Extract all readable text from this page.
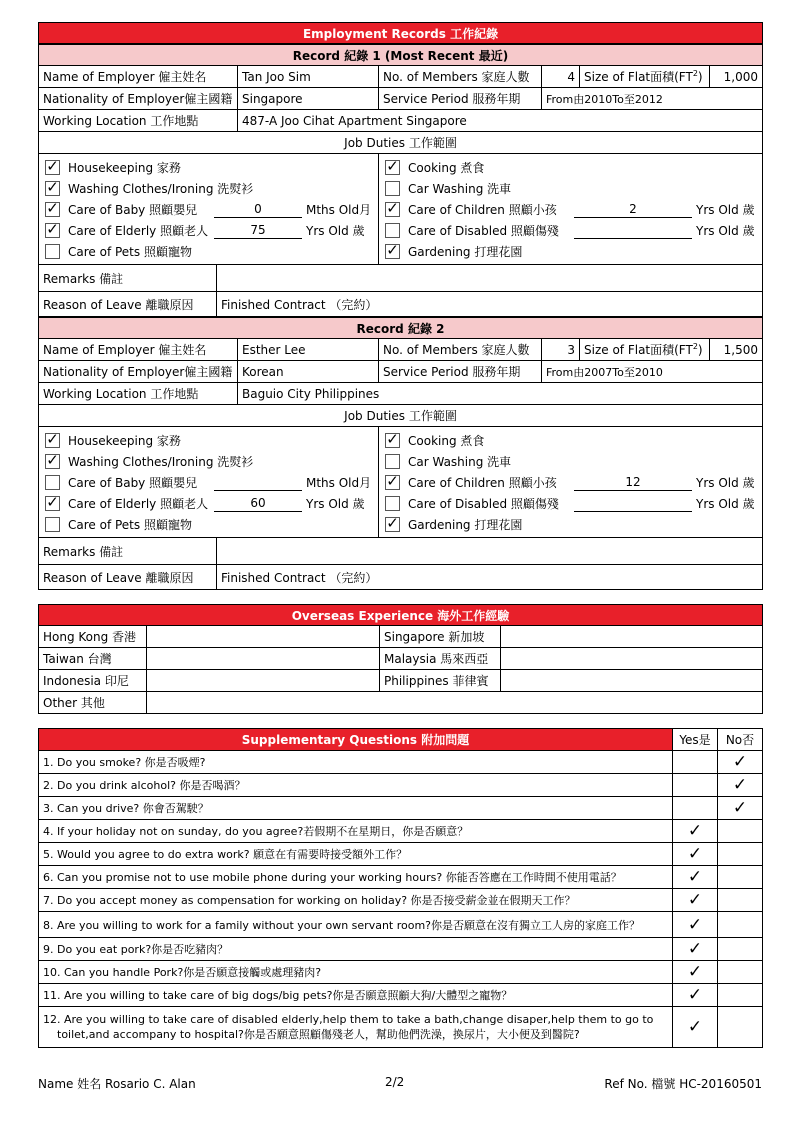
Employment Records 工作紀錄
Record 紀錄 1 (Most Recent 最近)
Name of Employer 僱主姓名	Tan Joo Sim	No. of Members 家庭人數	4	Size of Flat面積$(FT^2)$	1,000
Nationality of Employer僱主國籍	Singapore	Service Period 服務年期	From由2010To至2012
Working Location 工作地點	487-A Joo Cihat Apartment Singapore
Job Duties 工作範圍

✓ Housekeeping 家務
✓ Washing Clothes/Ironing 洗熨衫
✓ Care of Baby 照顧嬰兒	0	Mths Old月
✓ Care of Elderly 照顧老人	75	Yrs Old 歲
Care of Pets 照顧寵物

✓ Cooking 煮食
Car Washing 洗車
✓ Care of Children 照顧小孩	2	Yrs Old 歲
Care of Disabled 照顧傷殘	Yrs Old 歲
✓ Gardening 打理花園

Remarks 備註	

Reason of Leave 離職原因	Finished Contract （完約）
Record 紀錄 2
Name of Employer 僱主姓名	Esther Lee	No. of Members 家庭人數	3	Size of Flat面積$(FT^2)$	1,500
Nationality of Employer僱主國籍	Korean	Service Period 服務年期	From由2007To至2010
Working Location 工作地點	Baguio City Philippines
Job Duties 工作範圍

✓ Housekeeping 家務
✓ Washing Clothes/Ironing 洗熨衫
Care of Baby 照顧嬰兒	Mths Old月
✓ Care of Elderly 照顧老人	60	Yrs Old 歲
Care of Pets 照顧寵物

✓ Cooking 煮食
Car Washing 洗車
✓ Care of Children 照顧小孩	12	Yrs Old 歲
Care of Disabled 照顧傷殘	Yrs Old 歲
✓ Gardening 打理花園

Remarks 備註	

Reason of Leave 離職原因	Finished Contract （完約）
Overseas Experience 海外工作經驗			
Hong Kong 香港		Singapore 新加坡	
Taiwan 台灣		Malaysia 馬來西亞	
Indonesia 印尼		Philippines 菲律賓	
Other 其他			
Supplementary Questions 附加問題	Yes是	No否

1. Do you smoke? 你是否吸煙?		✓

2. Do you drink alcohol? 你是否喝酒？		✓

3. Can you drive? 你會否駕駛？		✓

4. If your holiday not on sunday, do you agree?若假期不在星期日，你是否願意？	✓	

5. Would you agree to do extra work? 願意在有需要時接受額外工作？	✓	

6. Can you promise not to use mobile phone during your working hours? 你能否答應在工作時間不使用電話？	✓	

7. Do you accept money as compensation for working on holiday? 你是否接受薪金並在假期天工作？	✓	

8. Are you willing to work for a family without your own servant room?你是否願意在沒有獨立工人房的家庭工作？	✓	

9. Do you eat pork?你是否吃豬肉？	✓	

10. Can you handle Pork?你是否願意接觸或處理豬肉?	✓	

11. Are you willing to take care of big dogs/big pets?你是否願意照顧大狗/大體型之寵物？	✓	

12. Are you willing to take care of disabled elderly,help them to take a bath,change disaper,help them to go to
toilet,and accompany to hospital?你是否願意照顧傷殘老人，幫助他們洗澡，換尿片，大小便及到醫院?	✓	
Name 姓名 Rosario C. Alan	2/2	Ref No. 檔號 HC-20160501
